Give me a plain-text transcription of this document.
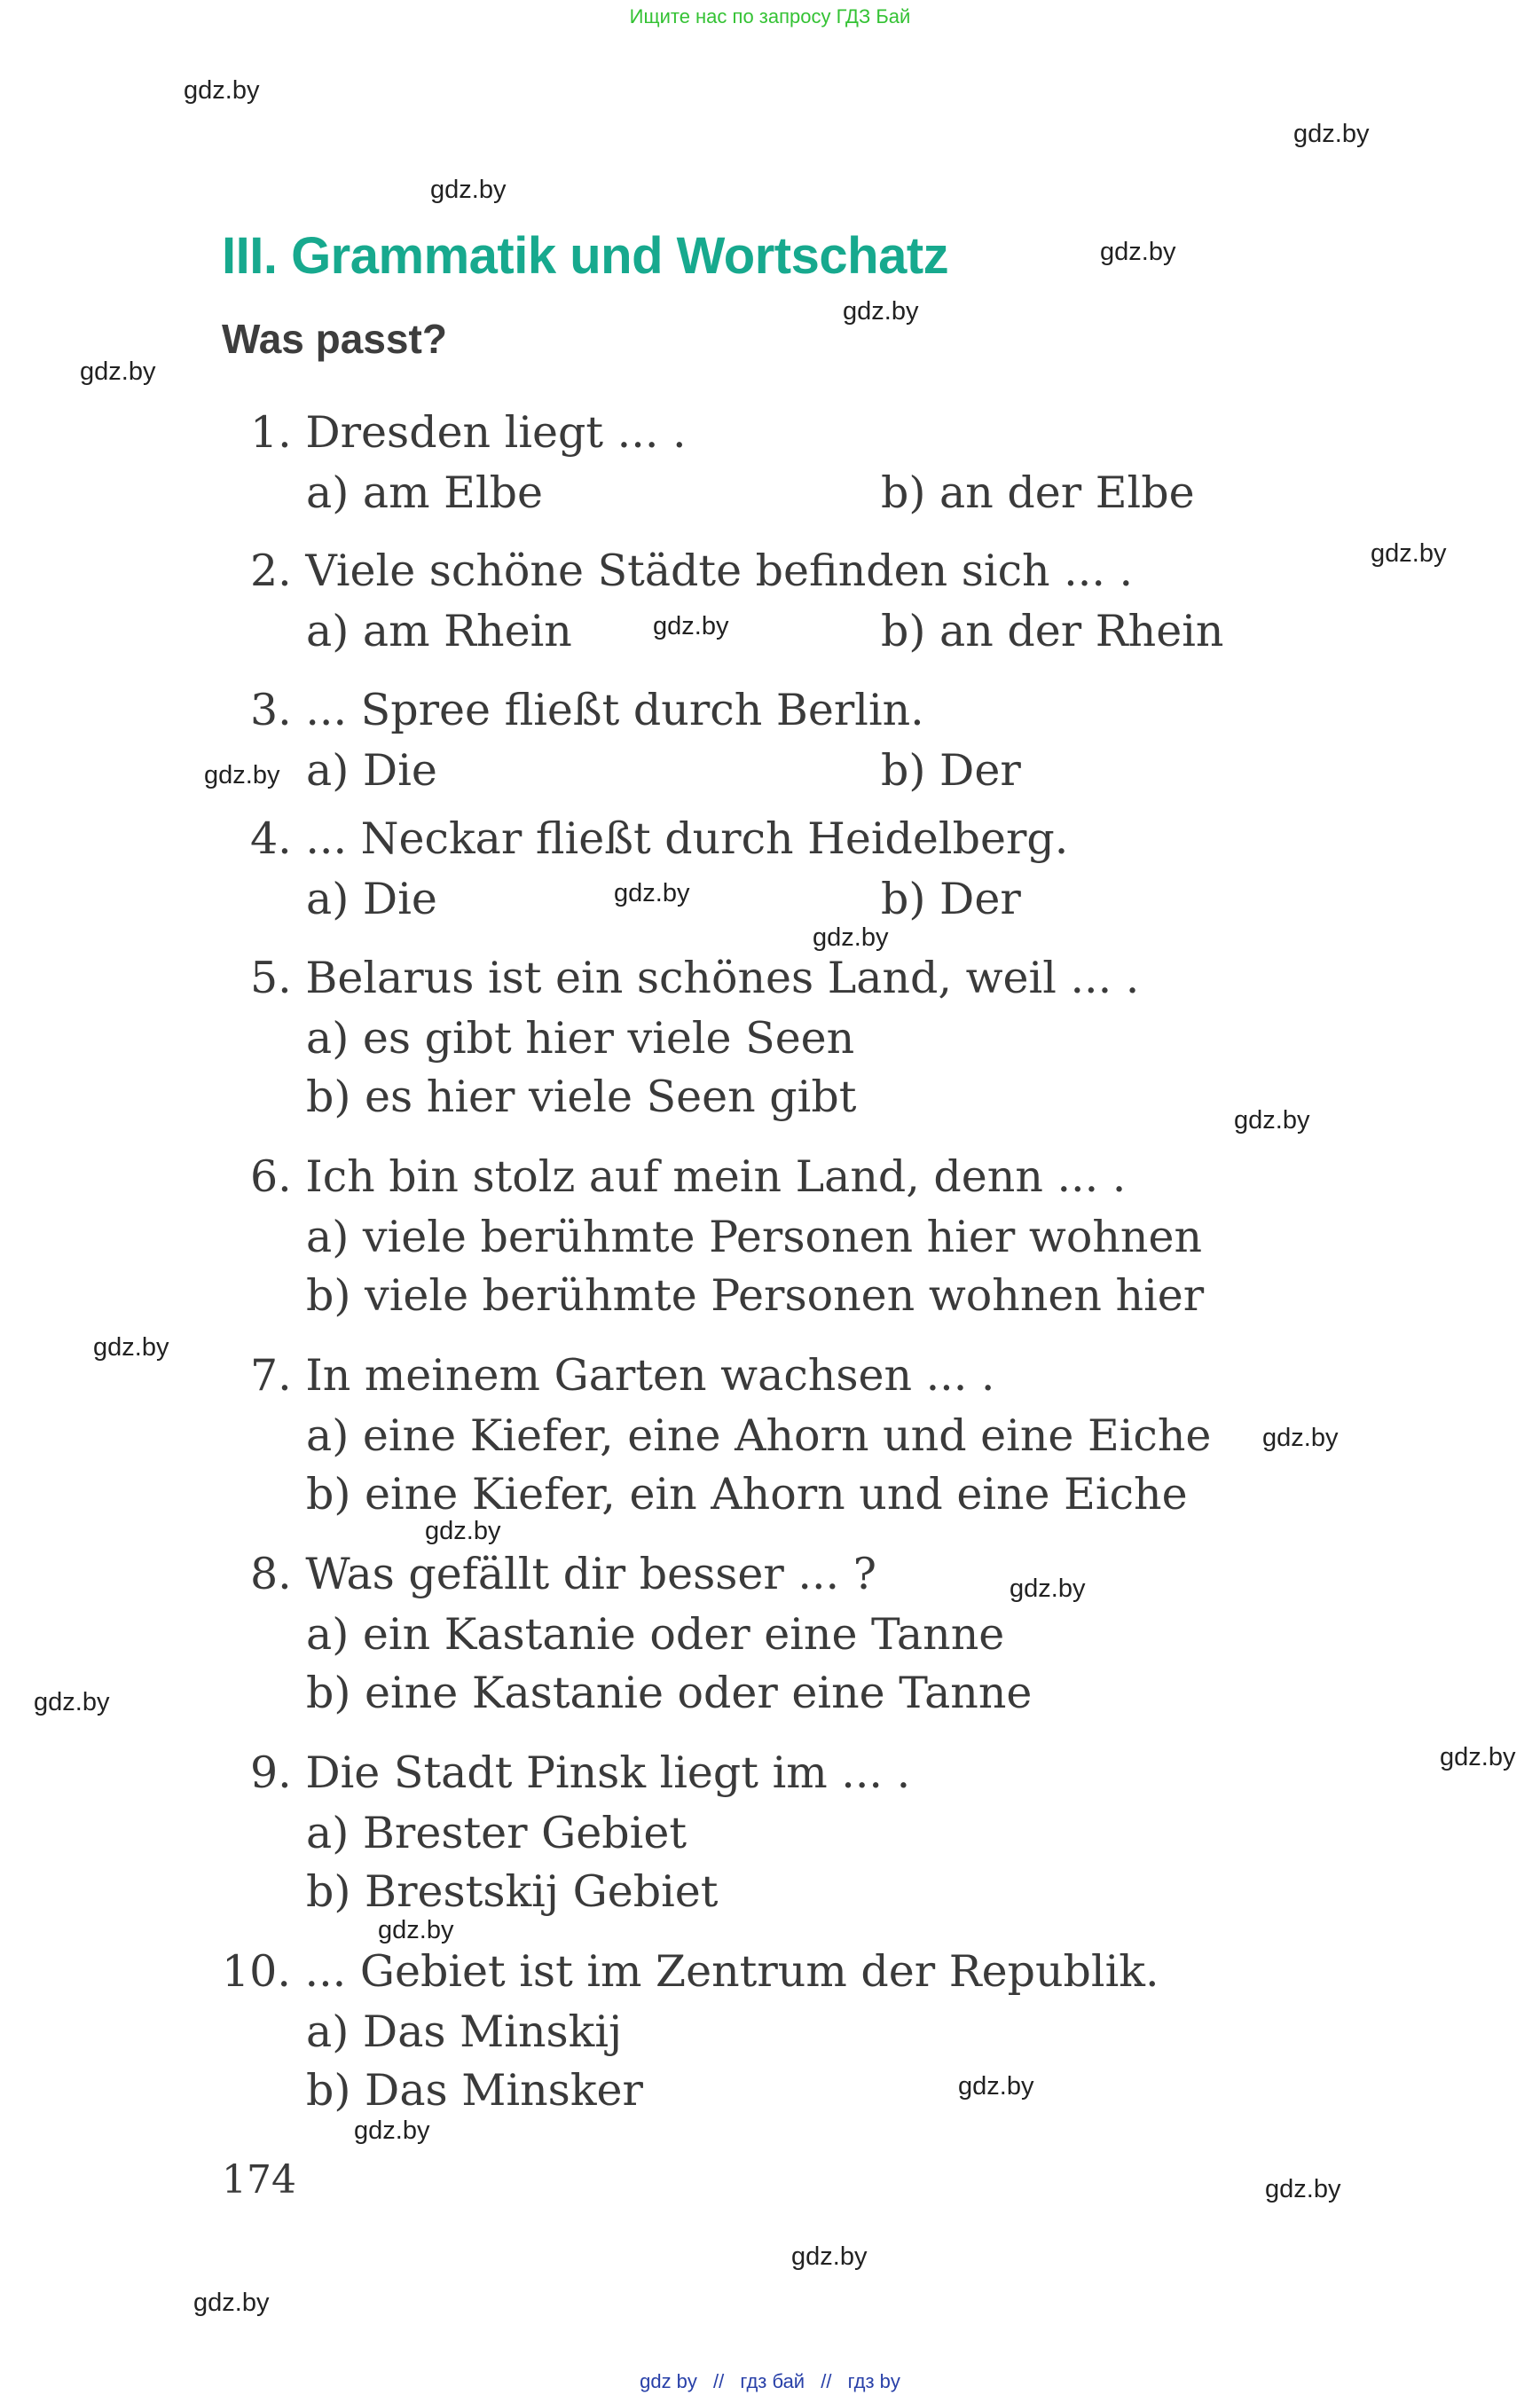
Ищите нас по запросу ГДЗ Бай
gdz.by
gdz.by
gdz.by
gdz.by
gdz.by
gdz.by
gdz.by
gdz.by
gdz.by
gdz.by
gdz.by
gdz.by
gdz.by
gdz.by
gdz.by
gdz.by
gdz.by
gdz.by
gdz.by
gdz.by
gdz.by
gdz.by
gdz.by
gdz.by
III. Grammatik und Wortschatz
Was passt?
1. Dresden liegt ... .
a) am Elbe	b) an der Elbe
2. Viele schöne Städte befinden sich ... .
a) am Rhein	b) an der Rhein
3. ... Spree fließt durch Berlin.
a) Die	b) Der
4. ... Neckar fließt durch Heidelberg.
a) Die	b) Der
5. Belarus ist ein schönes Land, weil ... .
a) es gibt hier viele Seen
b) es hier viele Seen gibt
6. Ich bin stolz auf mein Land, denn ... .
a) viele berühmte Personen hier wohnen
b) viele berühmte Personen wohnen hier
7. In meinem Garten wachsen ... .
a) eine Kiefer, eine Ahorn und eine Eiche
b) eine Kiefer, ein Ahorn und eine Eiche
8. Was gefällt dir besser ... ?
a) ein Kastanie oder eine Tanne
b) eine Kastanie oder eine Tanne
9. Die Stadt Pinsk liegt im ... .
a) Brester Gebiet
b) Brestskij Gebiet
10. ... Gebiet ist im Zentrum der Republik.
a) Das Minskij
b) Das Minsker
174
gdz by // гдз бай // гдз by
